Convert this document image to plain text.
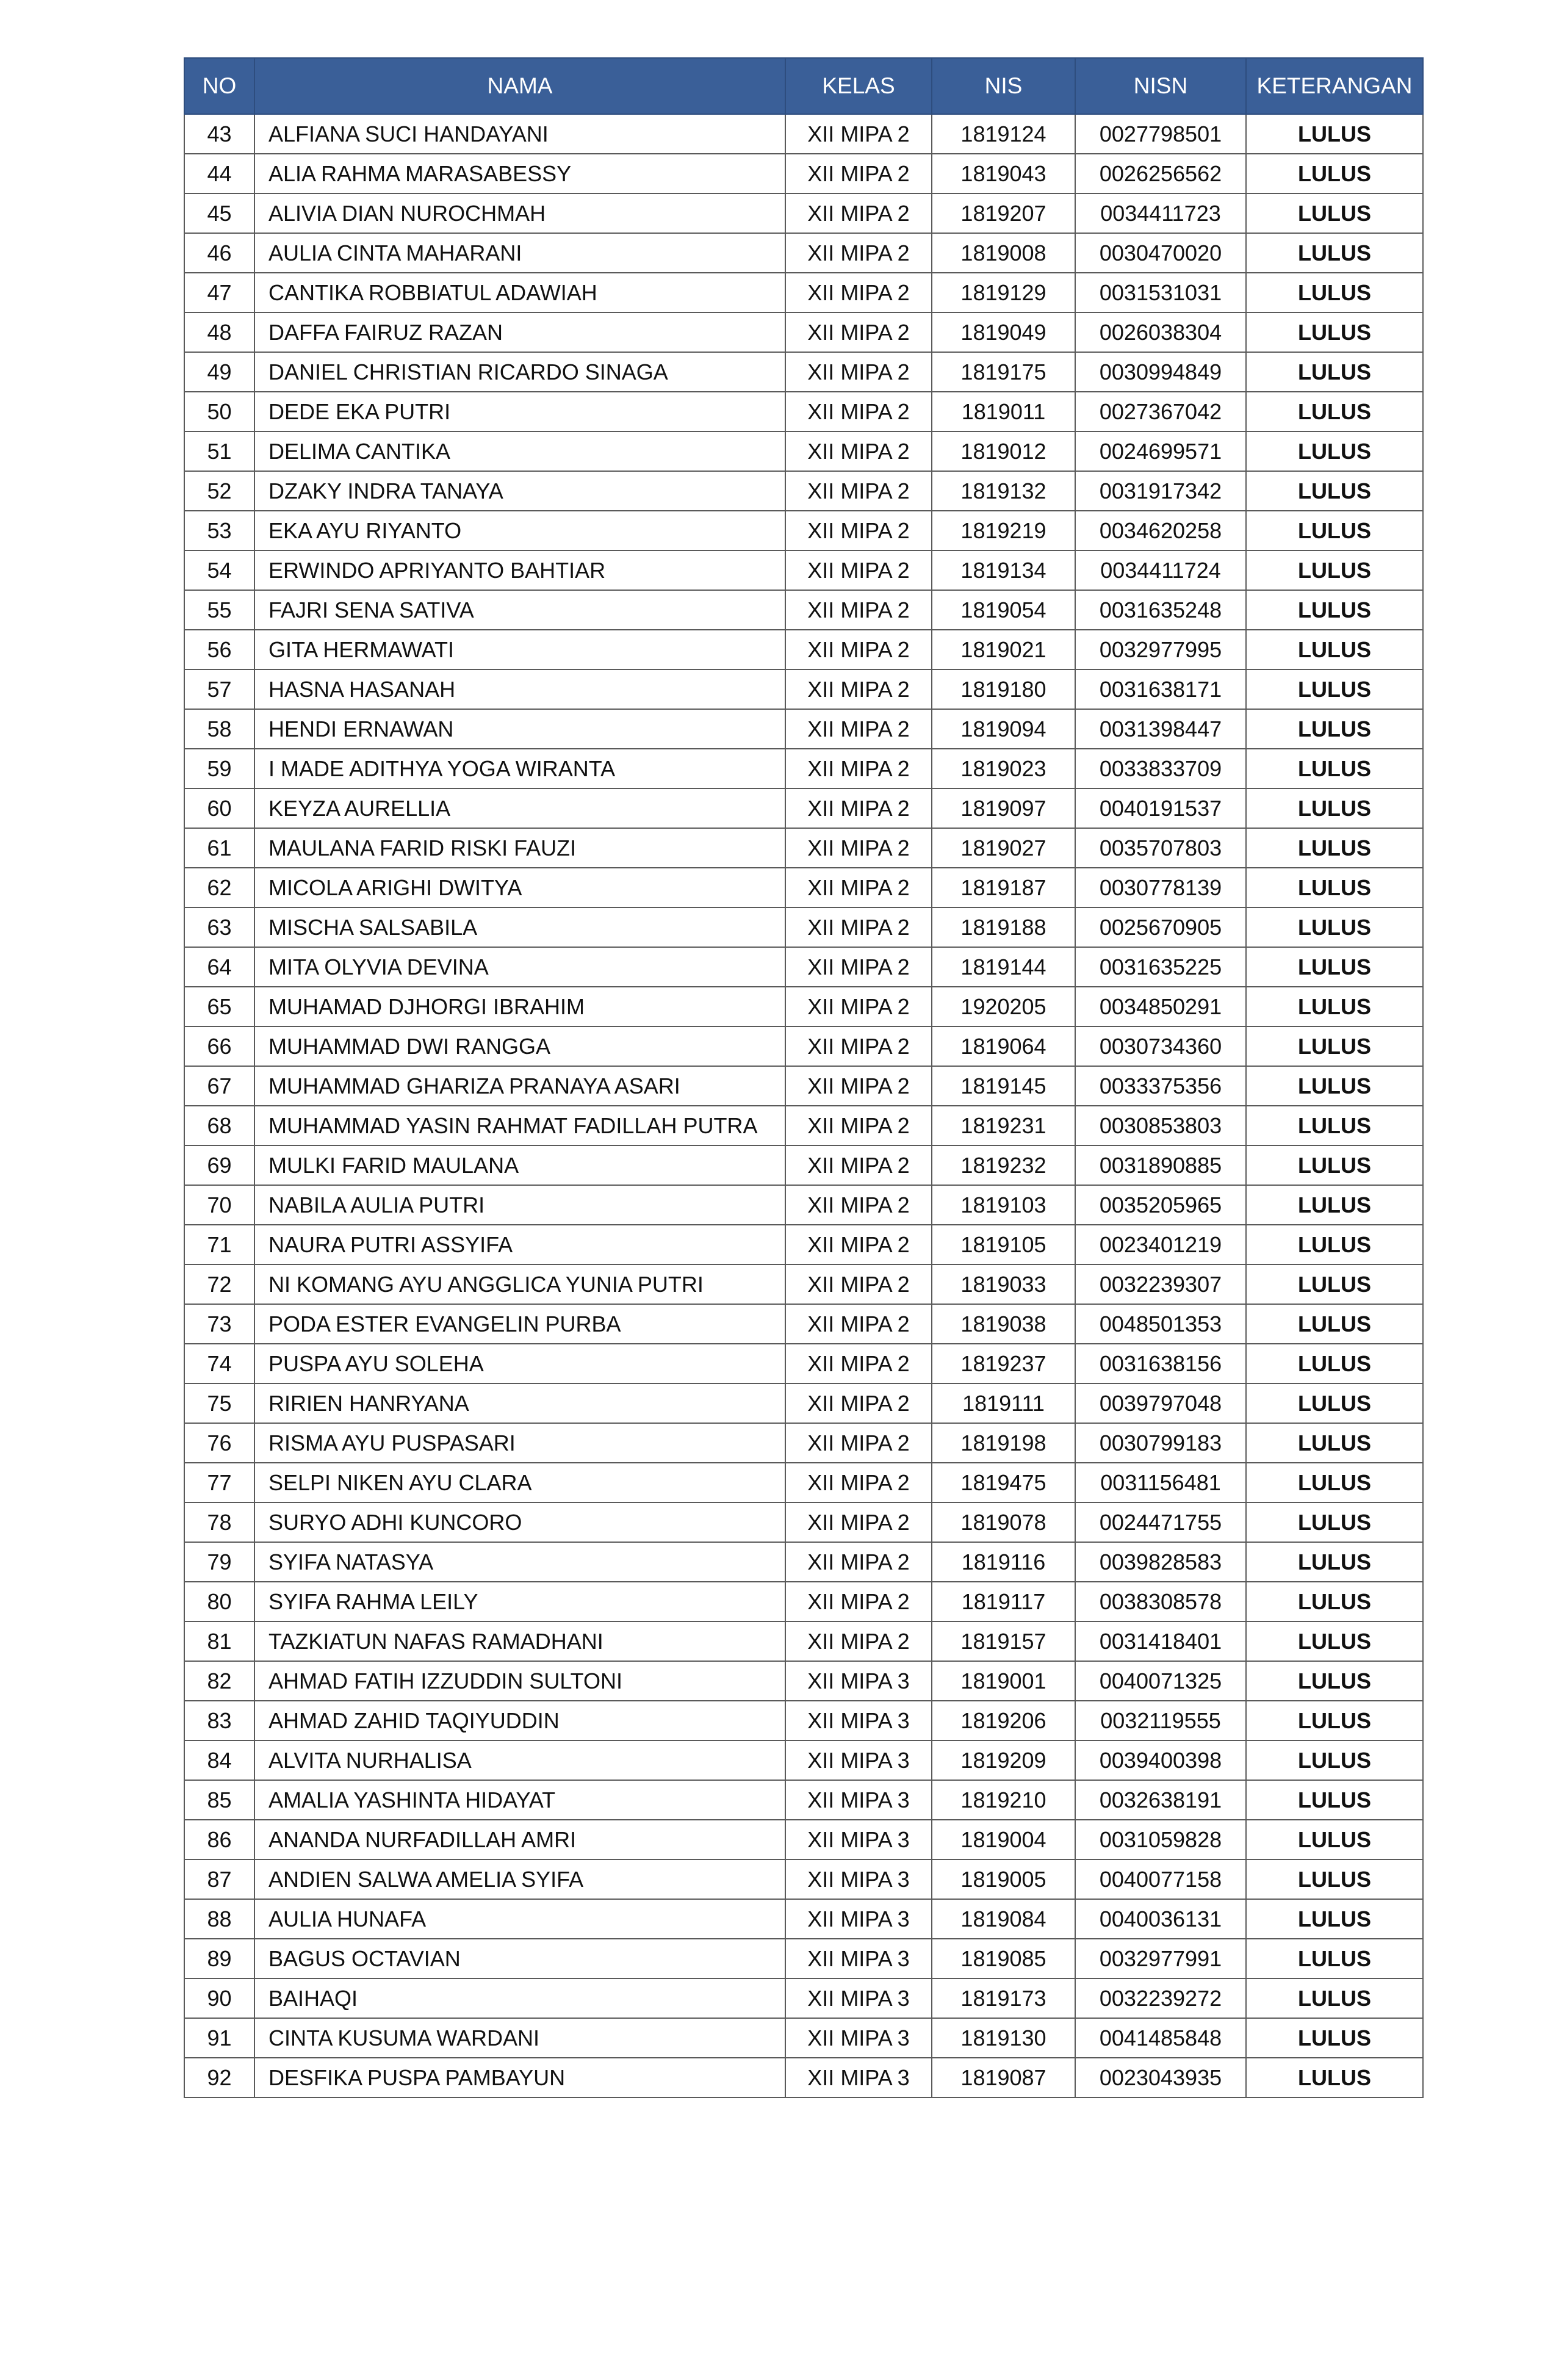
NO	NAMA	KELAS	NIS	NISN	KETERANGAN
43	ALFIANA SUCI HANDAYANI	XII MIPA 2	1819124	0027798501	LULUS
44	ALIA RAHMA MARASABESSY	XII MIPA 2	1819043	0026256562	LULUS
45	ALIVIA DIAN NUROCHMAH	XII MIPA 2	1819207	0034411723	LULUS
46	AULIA CINTA MAHARANI	XII MIPA 2	1819008	0030470020	LULUS
47	CANTIKA ROBBIATUL ADAWIAH	XII MIPA 2	1819129	0031531031	LULUS
48	DAFFA FAIRUZ RAZAN	XII MIPA 2	1819049	0026038304	LULUS
49	DANIEL CHRISTIAN RICARDO SINAGA	XII MIPA 2	1819175	0030994849	LULUS
50	DEDE EKA PUTRI	XII MIPA 2	1819011	0027367042	LULUS
51	DELIMA CANTIKA	XII MIPA 2	1819012	0024699571	LULUS
52	DZAKY INDRA TANAYA	XII MIPA 2	1819132	0031917342	LULUS
53	EKA AYU RIYANTO	XII MIPA 2	1819219	0034620258	LULUS
54	ERWINDO APRIYANTO BAHTIAR	XII MIPA 2	1819134	0034411724	LULUS
55	FAJRI SENA SATIVA	XII MIPA 2	1819054	0031635248	LULUS
56	GITA HERMAWATI	XII MIPA 2	1819021	0032977995	LULUS
57	HASNA HASANAH	XII MIPA 2	1819180	0031638171	LULUS
58	HENDI ERNAWAN	XII MIPA 2	1819094	0031398447	LULUS
59	I MADE ADITHYA YOGA WIRANTA	XII MIPA 2	1819023	0033833709	LULUS
60	KEYZA AURELLIA	XII MIPA 2	1819097	0040191537	LULUS
61	MAULANA FARID RISKI FAUZI	XII MIPA 2	1819027	0035707803	LULUS
62	MICOLA ARIGHI DWITYA	XII MIPA 2	1819187	0030778139	LULUS
63	MISCHA SALSABILA	XII MIPA 2	1819188	0025670905	LULUS
64	MITA OLYVIA DEVINA	XII MIPA 2	1819144	0031635225	LULUS
65	MUHAMAD DJHORGI IBRAHIM	XII MIPA 2	1920205	0034850291	LULUS
66	MUHAMMAD DWI RANGGA	XII MIPA 2	1819064	0030734360	LULUS
67	MUHAMMAD GHARIZA PRANAYA ASARI	XII MIPA 2	1819145	0033375356	LULUS
68	MUHAMMAD YASIN RAHMAT FADILLAH PUTRA	XII MIPA 2	1819231	0030853803	LULUS
69	MULKI FARID MAULANA	XII MIPA 2	1819232	0031890885	LULUS
70	NABILA AULIA PUTRI	XII MIPA 2	1819103	0035205965	LULUS
71	NAURA PUTRI ASSYIFA	XII MIPA 2	1819105	0023401219	LULUS
72	NI KOMANG AYU ANGGLICA YUNIA PUTRI	XII MIPA 2	1819033	0032239307	LULUS
73	PODA ESTER EVANGELIN PURBA	XII MIPA 2	1819038	0048501353	LULUS
74	PUSPA AYU SOLEHA	XII MIPA 2	1819237	0031638156	LULUS
75	RIRIEN HANRYANA	XII MIPA 2	1819111	0039797048	LULUS
76	RISMA AYU PUSPASARI	XII MIPA 2	1819198	0030799183	LULUS
77	SELPI NIKEN AYU CLARA	XII MIPA 2	1819475	0031156481	LULUS
78	SURYO ADHI KUNCORO	XII MIPA 2	1819078	0024471755	LULUS
79	SYIFA NATASYA	XII MIPA 2	1819116	0039828583	LULUS
80	SYIFA RAHMA LEILY	XII MIPA 2	1819117	0038308578	LULUS
81	TAZKIATUN NAFAS RAMADHANI	XII MIPA 2	1819157	0031418401	LULUS
82	AHMAD FATIH IZZUDDIN SULTONI	XII MIPA 3	1819001	0040071325	LULUS
83	AHMAD ZAHID TAQIYUDDIN	XII MIPA 3	1819206	0032119555	LULUS
84	ALVITA NURHALISA	XII MIPA 3	1819209	0039400398	LULUS
85	AMALIA YASHINTA HIDAYAT	XII MIPA 3	1819210	0032638191	LULUS
86	ANANDA NURFADILLAH AMRI	XII MIPA 3	1819004	0031059828	LULUS
87	ANDIEN SALWA AMELIA SYIFA	XII MIPA 3	1819005	0040077158	LULUS
88	AULIA HUNAFA	XII MIPA 3	1819084	0040036131	LULUS
89	BAGUS OCTAVIAN	XII MIPA 3	1819085	0032977991	LULUS
90	BAIHAQI	XII MIPA 3	1819173	0032239272	LULUS
91	CINTA KUSUMA WARDANI	XII MIPA 3	1819130	0041485848	LULUS
92	DESFIKA PUSPA PAMBAYUN	XII MIPA 3	1819087	0023043935	LULUS
